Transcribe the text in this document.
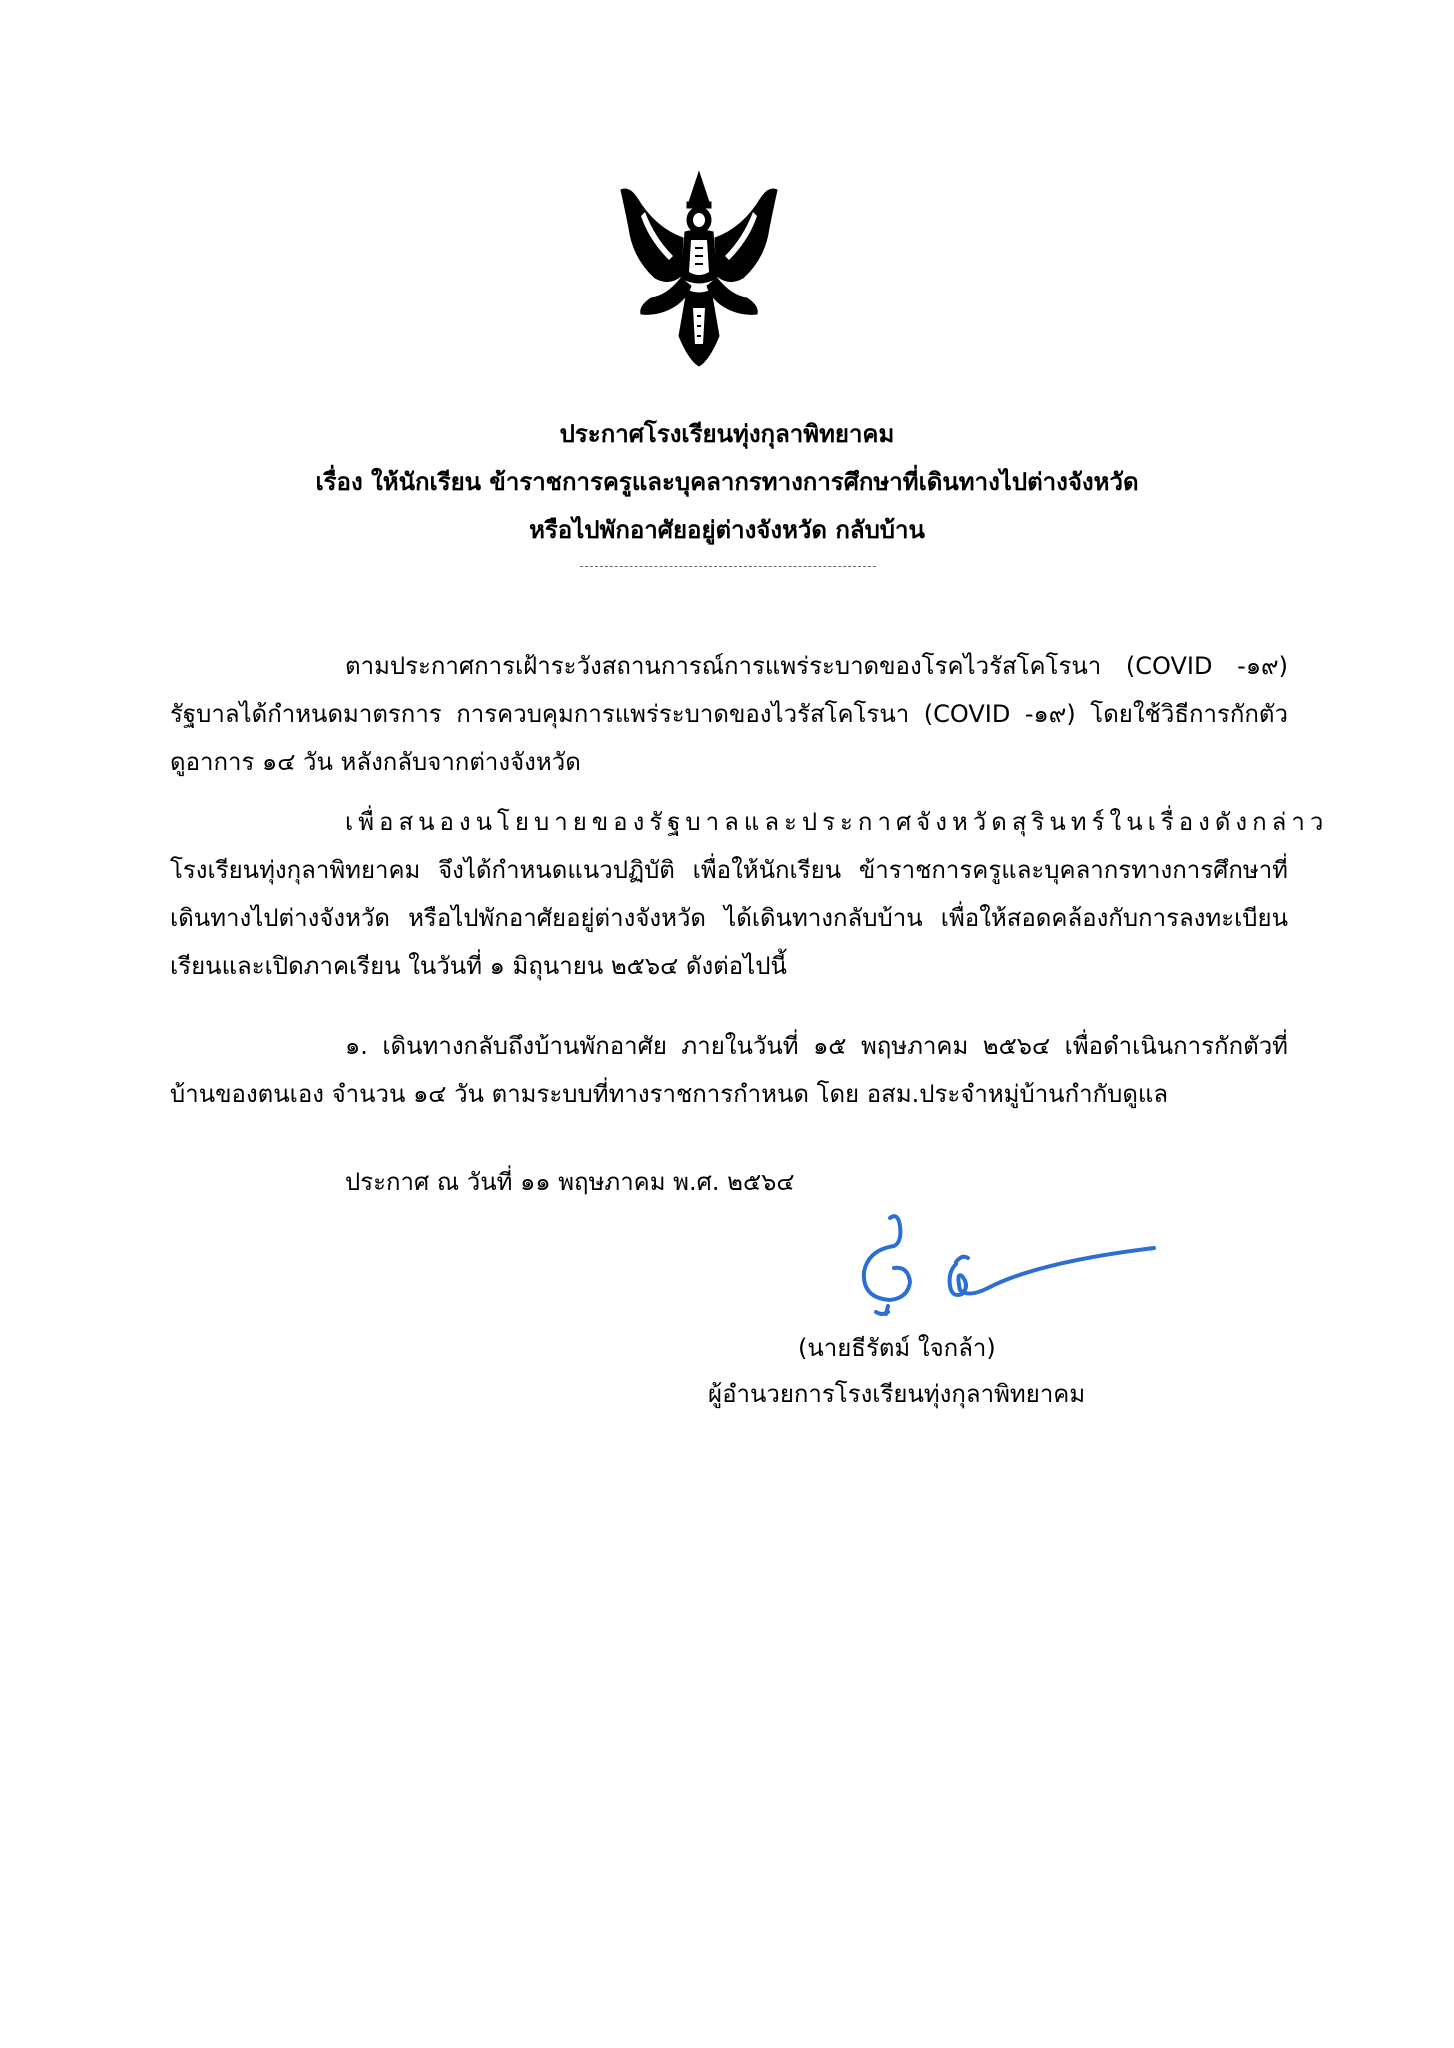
ประกาศโรงเรียนทุ่งกุลาพิทยาคม
เรื่อง ให้นักเรียน ข้าราชการครูและบุคลากรทางการศึกษาที่เดินทางไปต่างจังหวัด
หรือไปพักอาศัยอยู่ต่างจังหวัด กลับบ้าน
ตามประกาศการเฝ้าระวังสถานการณ์การแพร่ระบาดของโรคไวรัสโคโรนา (COVID -๑๙)
รัฐบาลได้กำหนดมาตรการ การควบคุมการแพร่ระบาดของไวรัสโคโรนา (COVID -๑๙) โดยใช้วิธีการกักตัว
ดูอาการ ๑๔ วัน หลังกลับจากต่างจังหวัด
เพื่อสนองนโยบายของรัฐบาลและประกาศจังหวัดสุรินทร์ในเรื่องดังกล่าว
โรงเรียนทุ่งกุลาพิทยาคม จึงได้กำหนดแนวปฏิบัติ เพื่อให้นักเรียน ข้าราชการครูและบุคลากรทางการศึกษาที่
เดินทางไปต่างจังหวัด หรือไปพักอาศัยอยู่ต่างจังหวัด ได้เดินทางกลับบ้าน เพื่อให้สอดคล้องกับการลงทะเบียน
เรียนและเปิดภาคเรียน ในวันที่ ๑ มิถุนายน ๒๕๖๔ ดังต่อไปนี้
๑. เดินทางกลับถึงบ้านพักอาศัย ภายในวันที่ ๑๕ พฤษภาคม ๒๕๖๔ เพื่อดำเนินการกักตัวที่
บ้านของตนเอง จำนวน ๑๔ วัน ตามระบบที่ทางราชการกำหนด โดย อสม.ประจำหมู่บ้านกำกับดูแล
ประกาศ ณ วันที่ ๑๑ พฤษภาคม พ.ศ. ๒๕๖๔
(นายธีรัตม์ ใจกล้า)
ผู้อำนวยการโรงเรียนทุ่งกุลาพิทยาคม
